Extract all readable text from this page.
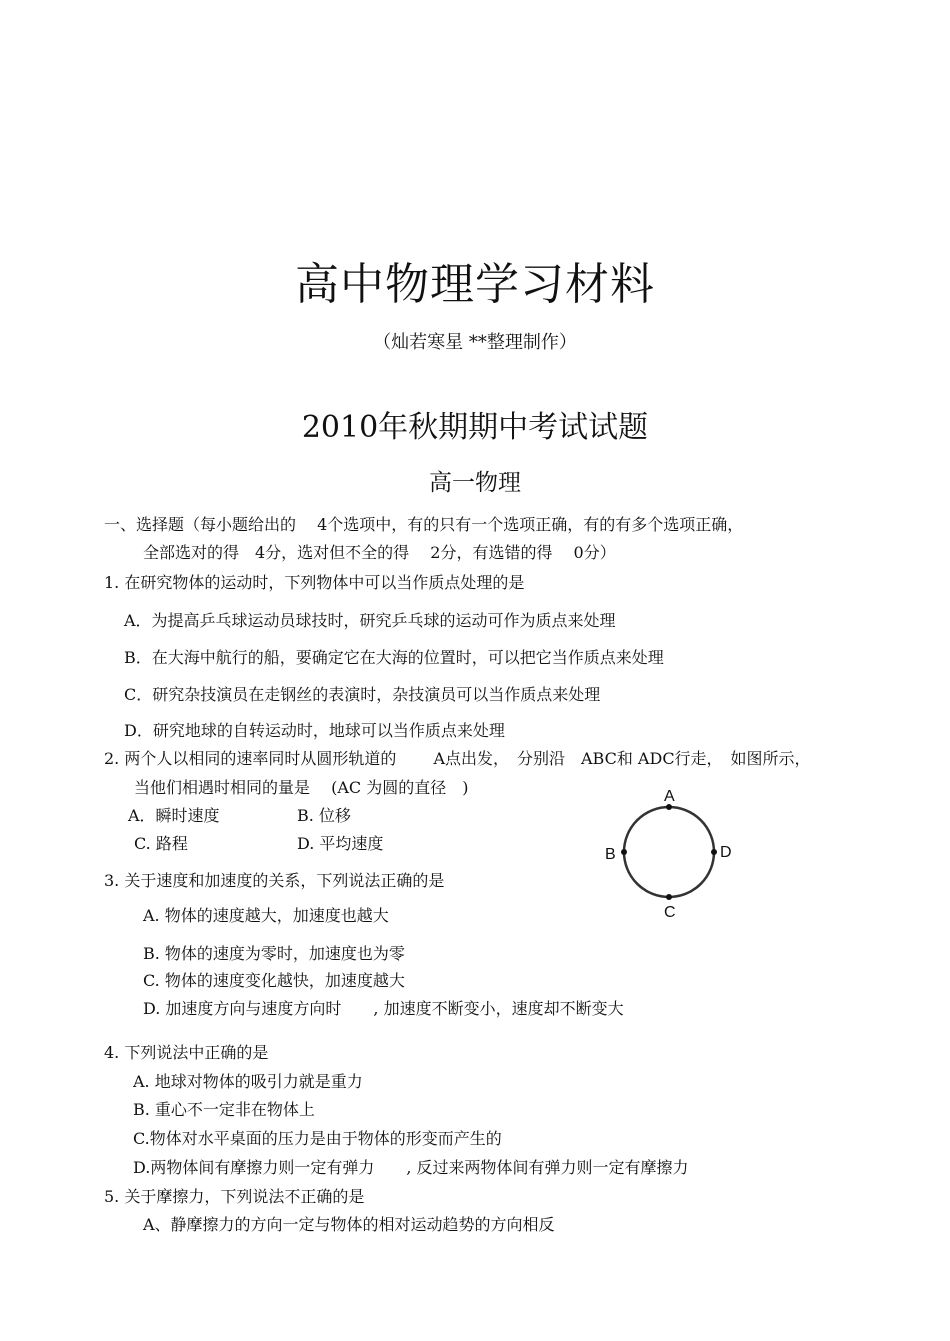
高中物理学习材料
（灿若寒星 **整理制作）
2010年秋期期中考试试题
高一物理
一、选择题（每小题给出的　 4个选项中，有的只有一个选项正确，有的有多个选项正确，
全部选对的得　4分，选对但不全的得　 2分，有选错的得　 0分）
1. 在研究物体的运动时，下列物体中可以当作质点处理的是
A．为提高乒乓球运动员球技时，研究乒乓球的运动可作为质点来处理
B．在大海中航行的船，要确定它在大海的位置时，可以把它当作质点来处理
C．研究杂技演员在走钢丝的表演时，杂技演员可以当作质点来处理
D．研究地球的自转运动时，地球可以当作质点来处理
2. 两个人以相同的速率同时从圆形轨道的　　 A点出发，　分别沿　ABC和 ADC行走，　如图所示，
当他们相遇时相同的量是　 (AC 为圆的直径　)
A．瞬时速度	B. 位移
C. 路程	D. 平均速度
A
B
C
D
3. 关于速度和加速度的关系，下列说法正确的是
A. 物体的速度越大，加速度也越大
B. 物体的速度为零时，加速度也为零
C. 物体的速度变化越快，加速度越大
D. 加速度方向与速度方向时　　, 加速度不断变小，速度却不断变大
4. 下列说法中正确的是
A. 地球对物体的吸引力就是重力
B. 重心不一定非在物体上
C.物体对水平桌面的压力是由于物体的形变而产生的
D.两物体间有摩擦力则一定有弹力　　, 反过来两物体间有弹力则一定有摩擦力
5. 关于摩擦力，下列说法不正确的是
A、静摩擦力的方向一定与物体的相对运动趋势的方向相反
